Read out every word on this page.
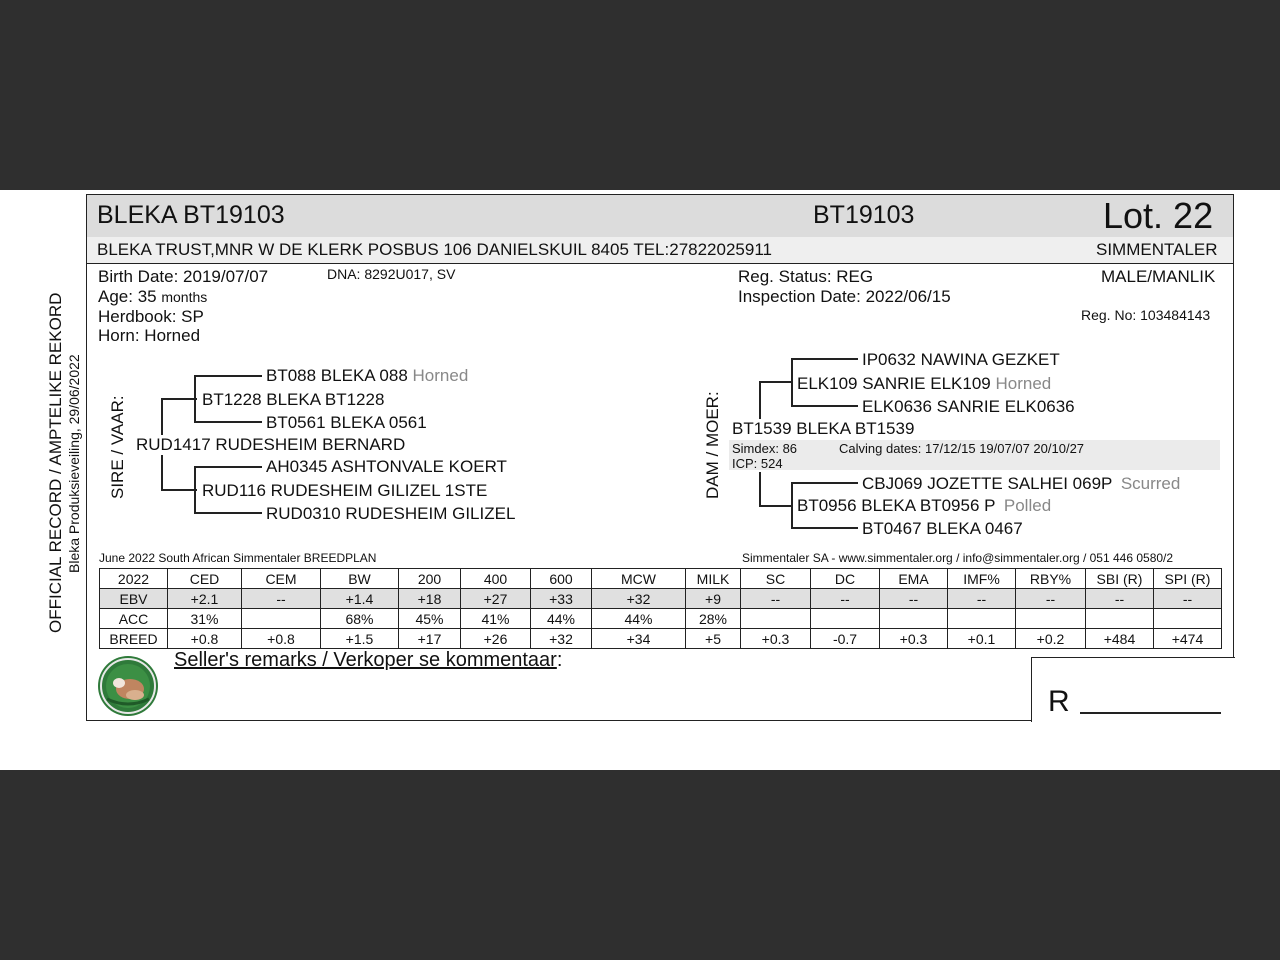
BLEKA BT19103	BT19103	Lot. 22
BLEKA TRUST,MNR W DE KLERK POSBUS 106 DANIELSKUIL 8405 TEL:27822025911	SIMMENTALER
OFFICIAL RECORD / AMPTELIKE REKORD Bleka Produksieveiling, 29/06/2022
Birth Date: 2019/07/07	DNA: 8292U017, SV
Age: 35 months
Herdbook: SP
Horn: Horned
Reg. Status: REG
Inspection Date: 2022/06/15
MALE/MANLIK
Reg. No: 103484143
SIRE / VAAR:
BT088 BLEKA 088 Horned
BT1228 BLEKA BT1228
BT0561 BLEKA 0561
RUD1417 RUDESHEIM BERNARD
AH0345 ASHTONVALE KOERT
RUD116 RUDESHEIM GILIZEL 1STE
RUD0310 RUDESHEIM GILIZEL
DAM / MOER:
IP0632 NAWINA GEZKET
ELK109 SANRIE ELK109 Horned
ELK0636 SANRIE ELK0636
BT1539 BLEKA BT1539
Simdex: 86
ICP: 524
Calving dates: 17/12/15 19/07/07 20/10/27
CBJ069 JOZETTE SALHEI 069P Scurred
BT0956 BLEKA BT0956 P Polled
BT0467 BLEKA 0467
June 2022 South African Simmentaler BREEDPLAN	Simmentaler SA - www.simmentaler.org / info@simmentaler.org / 051 446 0580/2
2022	CED	CEM	BW	200	400	600	MCW	MILK	SC	DC	EMA	IMF%	RBY%	SBI (R)	SPI (R)
EBV	+2.1	--	+1.4	+18	+27	+33	+32	+9	--	--	--	--	--	--	--
ACC	31%		68%	45%	41%	44%	44%	28%							
BREED	+0.8	+0.8	+1.5	+17	+26	+32	+34	+5	+0.3	-0.7	+0.3	+0.1	+0.2	+484	+474
Seller's remarks / Verkoper se kommentaar:
R
